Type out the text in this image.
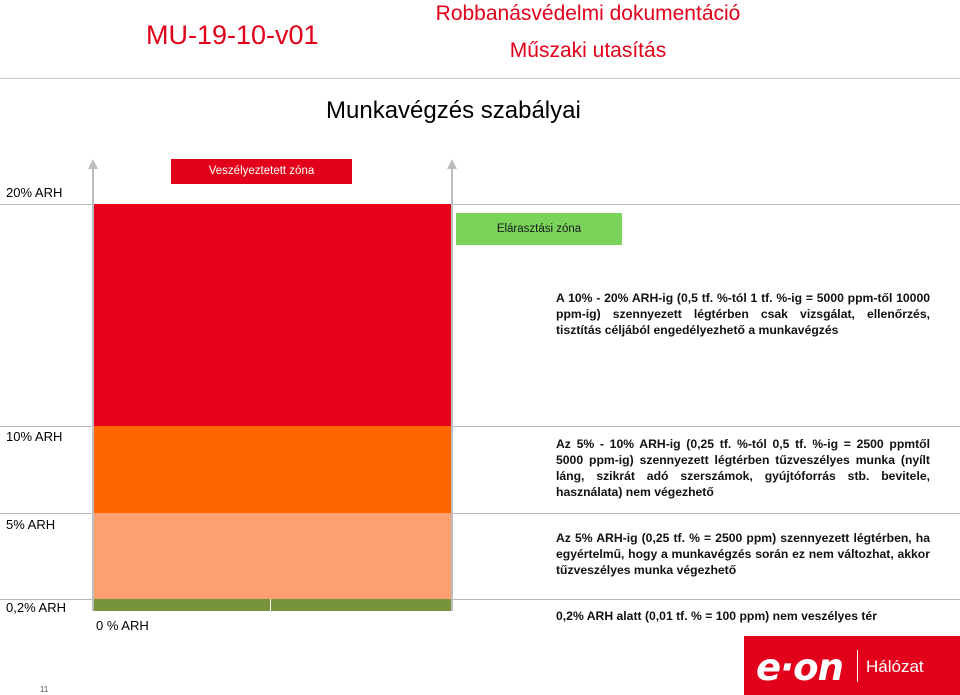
MU-19-10-v01
Robbanásvédelmi dokumentáció
Műszaki utasítás
Munkavégzés szabályai
20% ARH
10% ARH
5% ARH
0,2% ARH
0 % ARH
Veszélyeztetett zóna
Elárasztási zóna
A 10% - 20% ARH-ig (0,5 tf. %-tól 1 tf. %-ig = 5000 ppm-től 10000 ppm-ig) szennyezett légtérben csak vizsgálat, ellenőrzés, tisztítás céljából engedélyezhető a munkavégzés
Az 5% - 10% ARH-ig (0,25 tf. %-tól 0,5 tf. %-ig = 2500 ppmtől 5000 ppm-ig) szennyezett légtérben tűzveszélyes munka (nyílt láng, szikrát adó szerszámok, gyújtóforrás stb. bevitele, használata) nem végezhető
Az 5% ARH-ig (0,25 tf. % = 2500 ppm) szennyezett légtérben, ha egyértelmű, hogy a munkavégzés során ez nem változhat, akkor tűzveszélyes munka végezhető
0,2% ARH alatt (0,01 tf. % = 100 ppm) nem veszélyes tér
e·on Hálózat
11
